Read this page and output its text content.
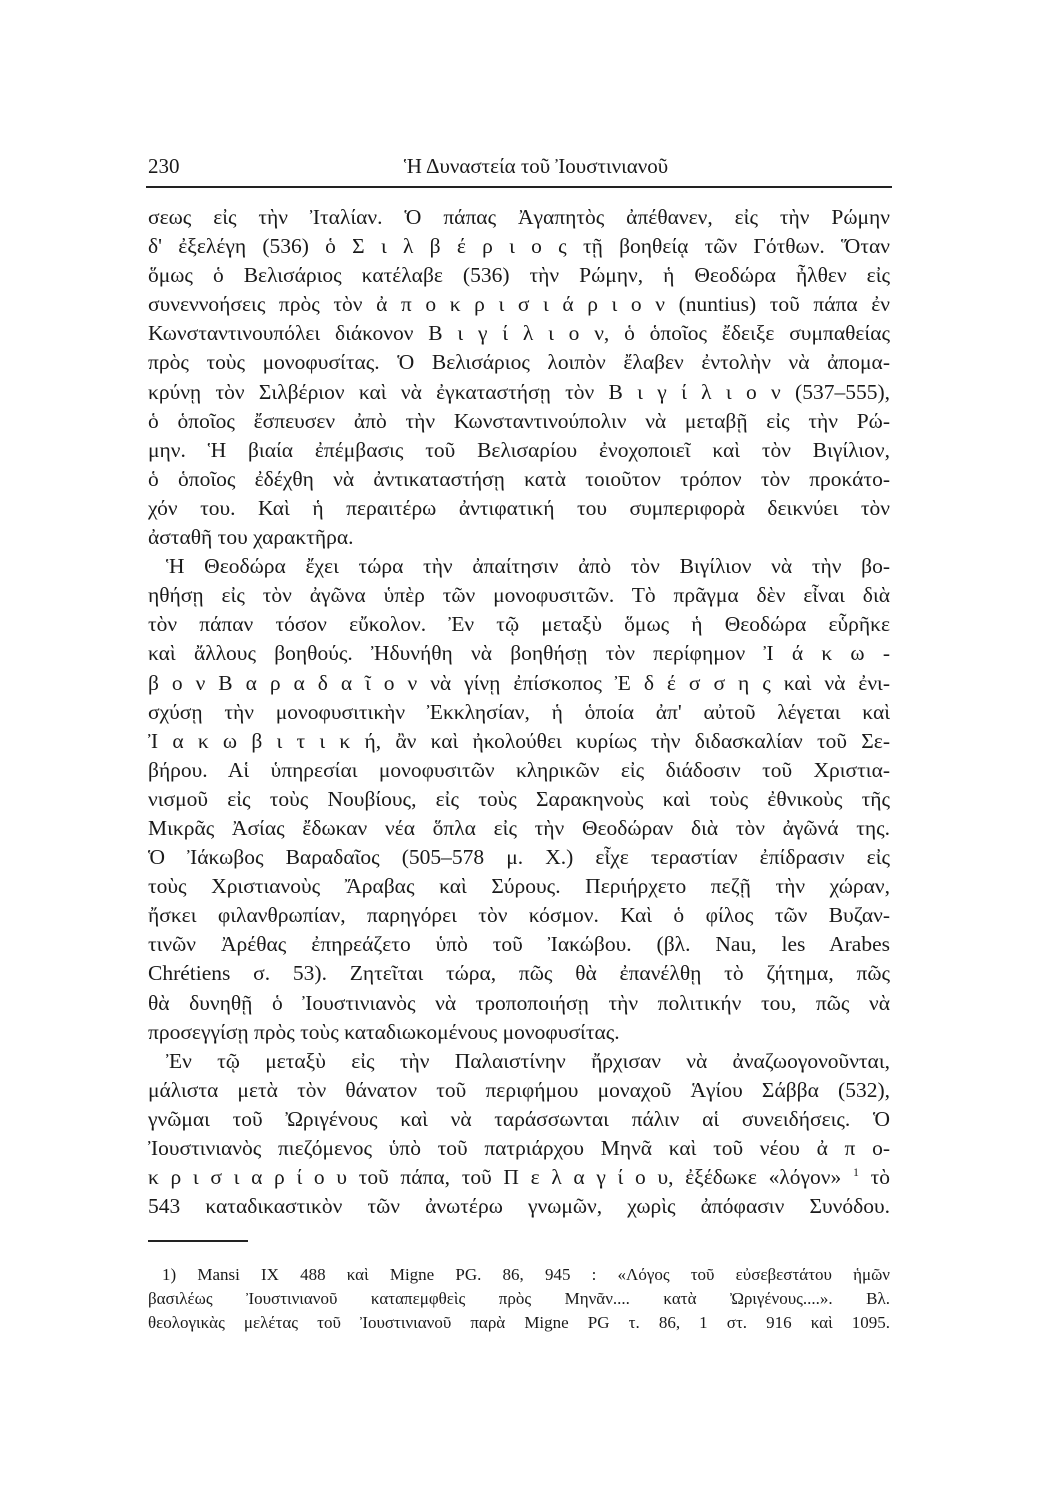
230	Ἡ Δυναστεία τοῦ Ἰουστινιανοῦ
σεως εἰς τὴν Ἰταλίαν. Ὁ πάπας Ἀγαπητὸς ἀπέθανεν, εἰς τὴν Ρώμην
δ' ἐξελέγη (536) ὁ Σ ι λ β έ ρ ι ο ς τῇ βοηθείᾳ τῶν Γότθων. Ὅταν
ὅμως ὁ Βελισάριος κατέλαβε (536) τὴν Ρώμην, ἡ Θεοδώρα ἦλθεν εἰς
συνεννοήσεις πρὸς τὸν ἀ π ο κ ρ ι σ ι ά ρ ι ο ν (nuntius) τοῦ πάπα ἐν
Κωνσταντινουπόλει διάκονον Β ι γ ί λ ι ο ν, ὁ ὁποῖος ἔδειξε συμπαθείας
πρὸς τοὺς μονοφυσίτας. Ὁ Βελισάριος λοιπὸν ἔλαβεν ἐντολὴν νὰ ἀπομα-
κρύνῃ τὸν Σιλβέριον καὶ νὰ ἐγκαταστήσῃ τὸν Β ι γ ί λ ι ο ν (537–555),
ὁ ὁποῖος ἔσπευσεν ἀπὸ τὴν Κωνσταντινούπολιν νὰ μεταβῇ εἰς τὴν Ρώ-
μην. Ἡ βιαία ἐπέμβασις τοῦ Βελισαρίου ἐνοχοποιεῖ καὶ τὸν Βιγίλιον,
ὁ ὁποῖος ἐδέχθη νὰ ἀντικαταστήσῃ κατὰ τοιοῦτον τρόπον τὸν προκάτο-
χόν του. Καὶ ἡ περαιτέρω ἀντιφατική του συμπεριφορὰ δεικνύει τὸν
ἀσταθῆ του χαρακτῆρα.
Ἡ Θεοδώρα ἔχει τώρα τὴν ἀπαίτησιν ἀπὸ τὸν Βιγίλιον νὰ τὴν βο-
ηθήσῃ εἰς τὸν ἀγῶνα ὑπὲρ τῶν μονοφυσιτῶν. Τὸ πρᾶγμα δὲν εἶναι διὰ
τὸν πάπαν τόσον εὔκολον. Ἐν τῷ μεταξὺ ὅμως ἡ Θεοδώρα εὗρῆκε
καὶ ἄλλους βοηθούς. Ἠδυνήθη νὰ βοηθήσῃ τὸν περίφημον Ἰ ά κ ω -
β ο ν Β α ρ α δ α ῖ ο ν νὰ γίνῃ ἐπίσκοπος Ἐ δ έ σ σ η ς καὶ νὰ ἐνι-
σχύσῃ τὴν μονοφυσιτικὴν Ἐκκλησίαν, ἡ ὁποία ἀπ' αὐτοῦ λέγεται καὶ
Ἰ α κ ω β ι τ ι κ ή, ἂν καὶ ἠκολούθει κυρίως τὴν διδασκαλίαν τοῦ Σε-
βήρου. Αἱ ὑπηρεσίαι μονοφυσιτῶν κληρικῶν εἰς διάδοσιν τοῦ Χριστια-
νισμοῦ εἰς τοὺς Νουβίους, εἰς τοὺς Σαρακηνοὺς καὶ τοὺς ἐθνικοὺς τῆς
Μικρᾶς Ἀσίας ἔδωκαν νέα ὅπλα εἰς τὴν Θεοδώραν διὰ τὸν ἀγῶνά της.
Ὁ Ἰάκωβος Βαραδαῖος (505–578 μ. Χ.) εἶχε τεραστίαν ἐπίδρασιν εἰς
τοὺς Χριστιανοὺς Ἄραβας καὶ Σύρους. Περιήρχετο πεζῇ τὴν χώραν,
ἤσκει φιλανθρωπίαν, παρηγόρει τὸν κόσμον. Καὶ ὁ φίλος τῶν Βυζαν-
τινῶν Ἀρέθας ἐπηρεάζετο ὑπὸ τοῦ Ἰακώβου. (βλ. Nau, les Arabes
Chrétiens σ. 53). Ζητεῖται τώρα, πῶς θὰ ἐπανέλθῃ τὸ ζήτημα, πῶς
θὰ δυνηθῇ ὁ Ἰουστινιανὸς νὰ τροποποιήσῃ τὴν πολιτικήν του, πῶς νὰ
προσεγγίσῃ πρὸς τοὺς καταδιωκομένους μονοφυσίτας.
Ἐν τῷ μεταξὺ εἰς τὴν Παλαιστίνην ἤρχισαν νὰ ἀναζωογονοῦνται,
μάλιστα μετὰ τὸν θάνατον τοῦ περιφήμου μοναχοῦ Ἁγίου Σάββα (532),
γνῶμαι τοῦ Ὠριγένους καὶ νὰ ταράσσωνται πάλιν αἱ συνειδήσεις. Ὁ
Ἰουστινιανὸς πιεζόμενος ὑπὸ τοῦ πατριάρχου Μηνᾶ καὶ τοῦ νέου ἀ π ο-
κ ρ ι σ ι α ρ ί ο υ τοῦ πάπα, τοῦ Π ε λ α γ ί ο υ, ἐξέδωκε «λόγον» $^1$ τὸ
543 καταδικαστικὸν τῶν ἀνωτέρω γνωμῶν, χωρὶς ἀπόφασιν Συνόδου.
1) Mansi IX 488 καὶ Migne PG. 86, 945 : «Λόγος τοῦ εὐσεβεστάτου ἡμῶν
βασιλέως Ἰουστινιανοῦ καταπεμφθεὶς πρὸς Μηνᾶν.... κατὰ Ὠριγένους....». Βλ.
θεολογικὰς μελέτας τοῦ Ἰουστινιανοῦ παρὰ Migne PG τ. 86, 1 στ. 916 καὶ 1095.
